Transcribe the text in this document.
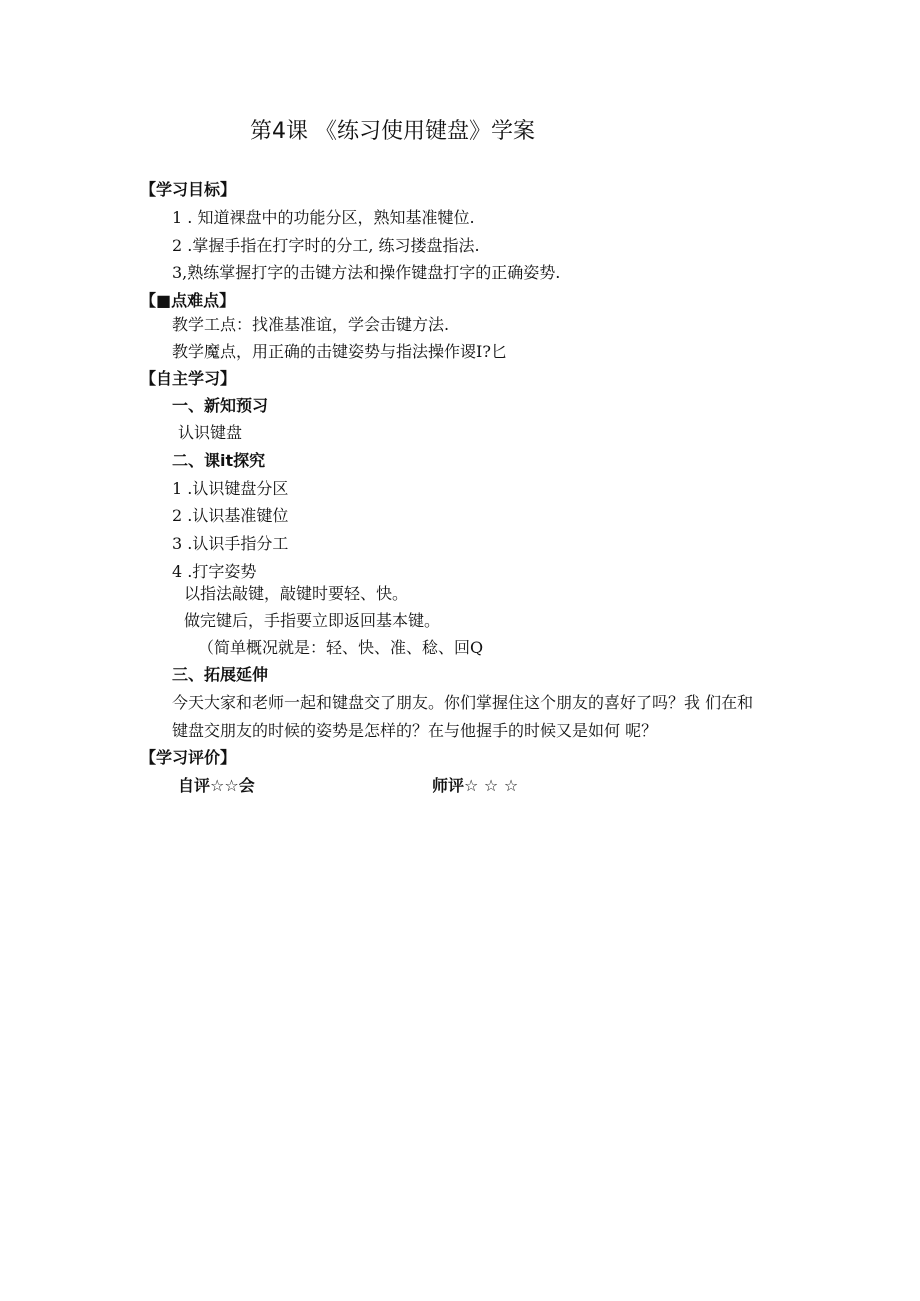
第4课 《练习使用键盘》学案
【学习目标】
1 . 知道裸盘中的功能分区，熟知基准犍位.
2 .掌握手指在打字时的分工, 练习搂盘指法.
3,熟练掌握打字的击键方法和操作键盘打字的正确姿势.
【■点难点】
教学工点：找准基准谊，学会击键方法.
教学魔点，用正确的击键姿势与指法操作谡I?匕
【自主学习】
一、新知预习
认识键盘
二、课it探究
1 .认识键盘分区
2 .认识基准键位
3 .认识手指分工
4 .打字姿势
以指法敲键，敲键时要轻、快。
做完键后，手指要立即返回基本键。
（简单概况就是：轻、快、准、稔、回Q
三、拓展延伸
今天大家和老师一起和键盘交了朋友。你们掌握住这个朋友的喜好了吗？我 们在和
键盘交朋友的时候的姿势是怎样的？在与他握手的时候又是如何 呢？
【学习评价】
自评☆☆会	师评☆ ☆ ☆
